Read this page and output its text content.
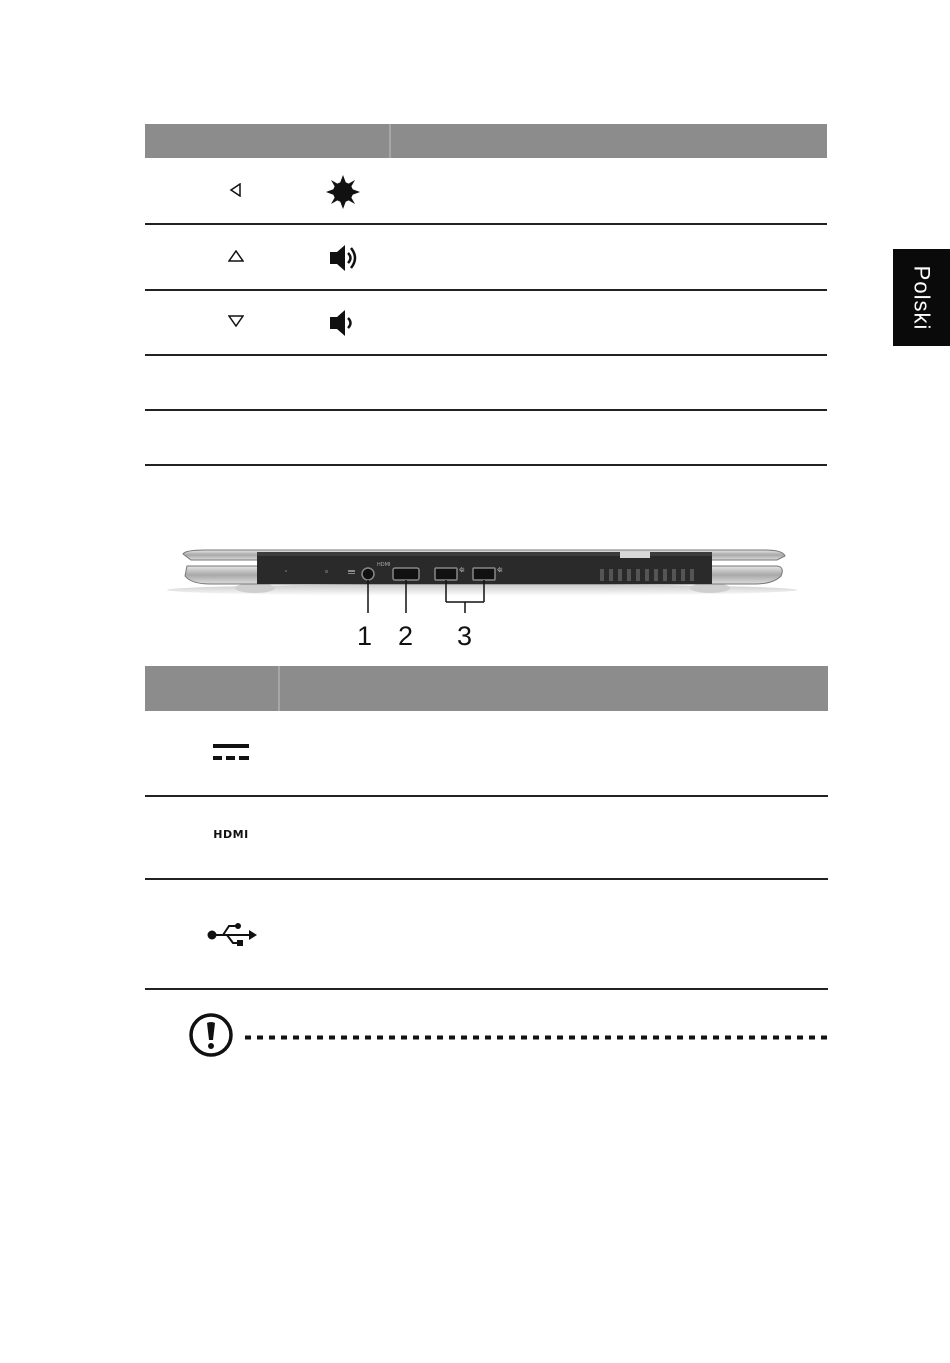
Polski
HDMI
⭅	⭅
1 2 3
HDMI
